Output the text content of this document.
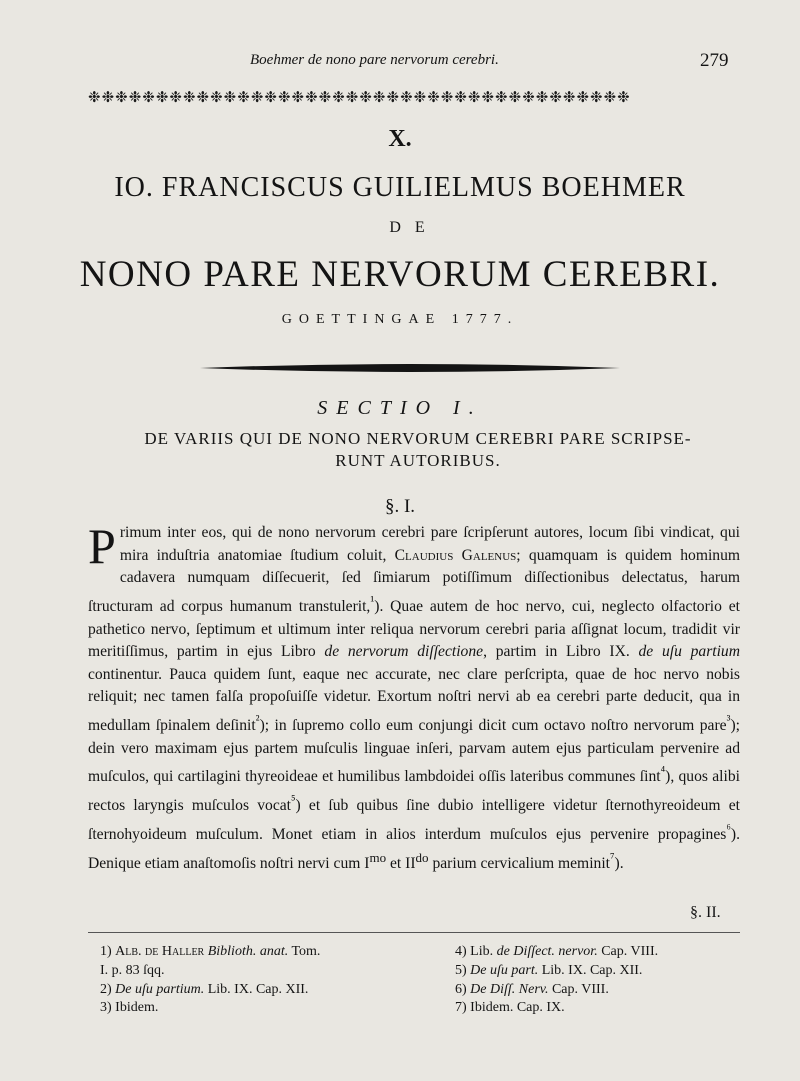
Boehmer de nono pare nervorum cerebri.	279
❉❉❉❉❉❉❉❉❉❉❉❉❉❉❉❉❉❉❉❉❉❉❉❉❉❉❉❉❉❉❉❉❉❉❉❉❉❉❉❉
X.
IO. FRANCISCUS GUILIELMUS BOEHMER
DE
NONO PARE NERVORUM CEREBRI.
GOETTINGAE 1777.
SECTIO I.
DE VARIIS QUI DE NONO NERVORUM CEREBRI PARE SCRIPSE-
RUNT AUTORIBUS.
§. I.
Primum inter eos, qui de nono nervorum cerebri pare ſcripſerunt autores, locum ſibi vindicat, qui mira induſtria anatomiae ſtudium coluit, Claudius Galenus; quamquam is quidem hominum cadavera numquam diſſecuerit, ſed ſimiarum potiſſimum diſſectionibus delectatus, harum ſtructuram ad corpus humanum transtulerit,$^{^1}$). Quae autem de hoc nervo, cui, neglecto olfactorio et pathetico nervo, ſeptimum et ultimum inter reliqua nervorum cerebri paria aſſignat locum, tradidit vir meritiſſimus, partim in ejus Libro de nervorum diſſectione, partim in Libro IX. de uſu partium continentur. Pauca quidem ſunt, eaque nec accurate, nec clare perſcripta, quae de hoc nervo nobis reliquit; nec tamen falſa propoſuiſſe videtur. Exortum noſtri nervi ab ea cerebri parte deducit, qua in medullam ſpinalem deſinit$^{^2}$); in ſupremo collo eum conjungi dicit cum octavo noſtro nervorum pare$^{^3}$); dein vero maximam ejus partem muſculis linguae inſeri, parvam autem ejus particulam pervenire ad muſculos, qui cartilagini thyreoideae et humilibus lambdoidei oſſis lateribus communes ſint$^{^4}$), quos alibi rectos laryngis muſculos vocat$^{^5}$) et ſub quibus ſine dubio intelligere videtur ſternothyreoideum et ſternohyoideum muſculum. Monet etiam in alios interdum muſculos ejus pervenire propagines$^{^6}$). Denique etiam anaſtomoſis noſtri nervi cum $I^{mo}$ et $II^{do}$ parium cervicalium meminit$^{^7}$).
§. II.
1) Alb. de Haller Biblioth. anat. Tom.
I. p. 83 ſqq.
2) De uſu partium. Lib. IX. Cap. XII.
3) Ibidem.
4) Lib. de Diſſect. nervor. Cap. VIII.
5) De uſu part. Lib. IX. Cap. XII.
6) De Diſſ. Nerv. Cap. VIII.
7) Ibidem. Cap. IX.
